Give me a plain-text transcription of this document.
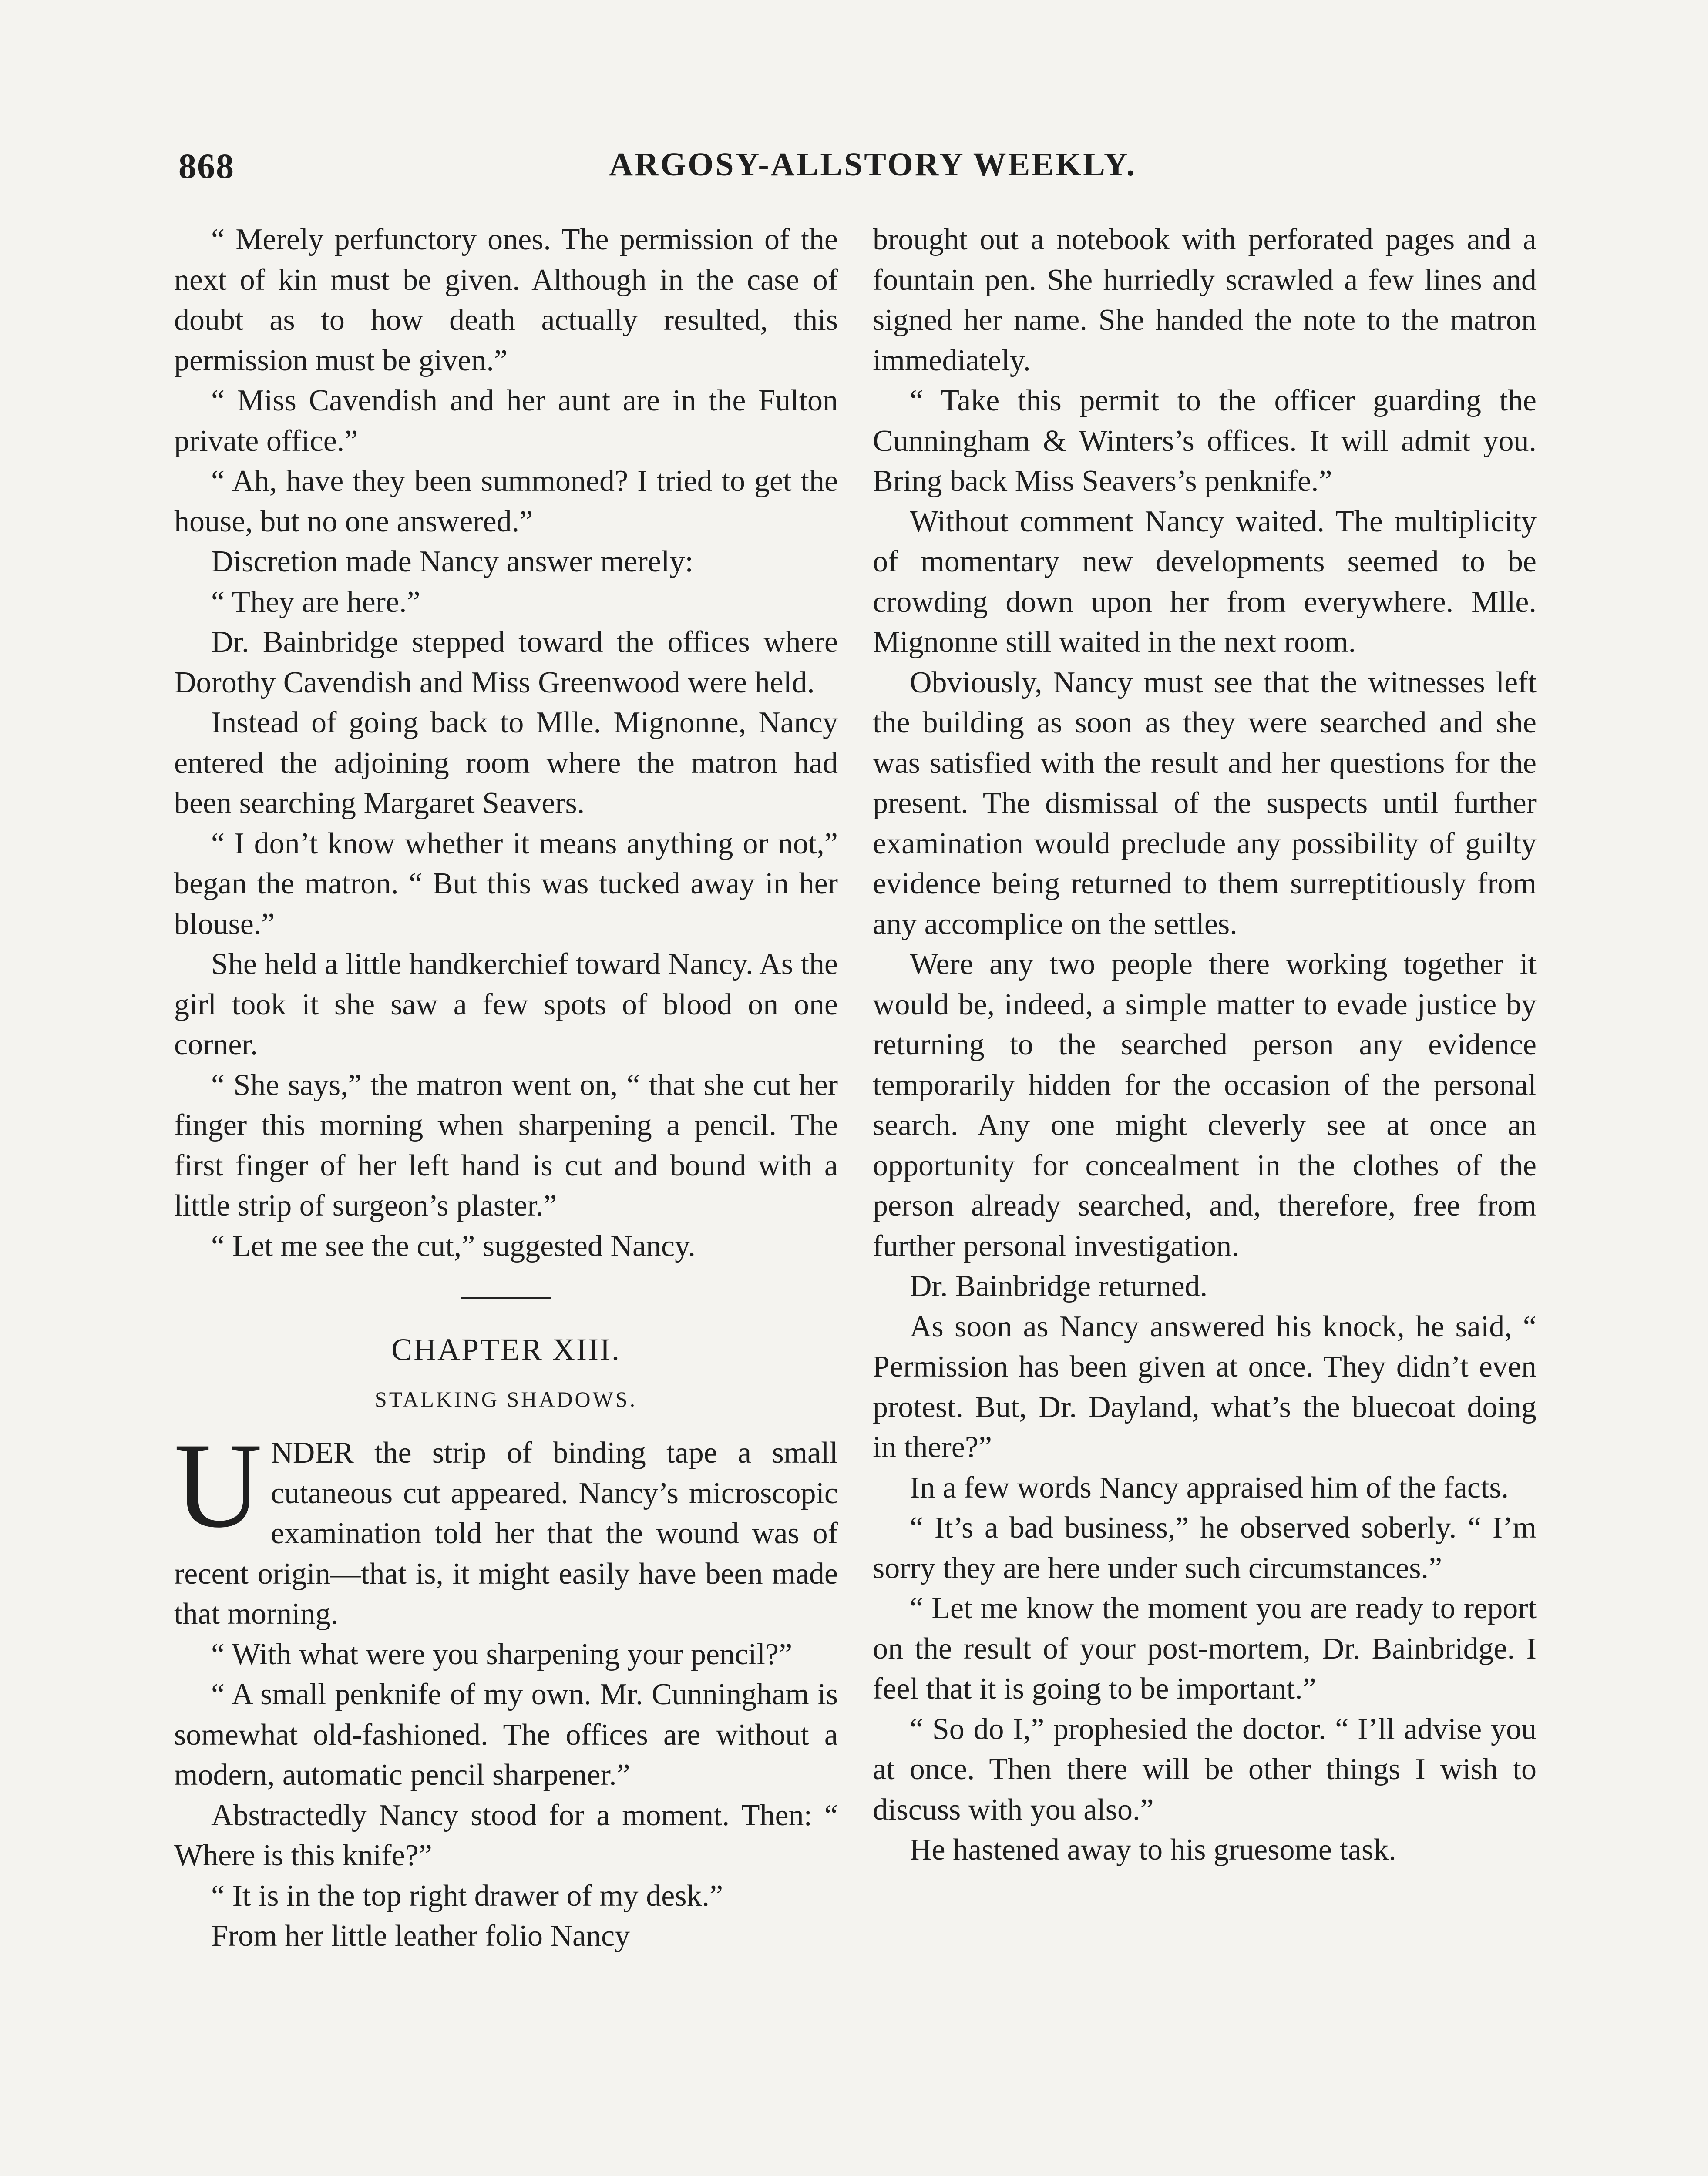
868	ARGOSY-ALLSTORY WEEKLY.

“ Merely perfunctory ones. The permission of the next of kin must be given. Although in the case of doubt as to how death actually resulted, this permission must be given.”

“ Miss Cavendish and her aunt are in the Fulton private office.”

“ Ah, have they been summoned? I tried to get the house, but no one answered.”

Discretion made Nancy answer merely:

“ They are here.”

Dr. Bainbridge stepped toward the offices where Dorothy Cavendish and Miss Greenwood were held.

Instead of going back to Mlle. Mignonne, Nancy entered the adjoining room where the matron had been searching Margaret Seavers.

“ I don’t know whether it means anything or not,” began the matron. “ But this was tucked away in her blouse.”

She held a little handkerchief toward Nancy. As the girl took it she saw a few spots of blood on one corner.

“ She says,” the matron went on, “ that she cut her finger this morning when sharpening a pencil. The first finger of her left hand is cut and bound with a little strip of surgeon’s plaster.”

“ Let me see the cut,” suggested Nancy.

CHAPTER XIII.
STALKING SHADOWS.

UNDER the strip of binding tape a small cutaneous cut appeared. Nancy’s microscopic examination told her that the wound was of recent origin—that is, it might easily have been made that morning.

“ With what were you sharpening your pencil?”

“ A small penknife of my own. Mr. Cunningham is somewhat old-fashioned. The offices are without a modern, automatic pencil sharpener.”

Abstractedly Nancy stood for a moment. Then: “ Where is this knife?”

“ It is in the top right drawer of my desk.”

From her little leather folio Nancy

brought out a notebook with perforated pages and a fountain pen. She hurriedly scrawled a few lines and signed her name. She handed the note to the matron immediately.

“ Take this permit to the officer guarding the Cunningham & Winters’s offices. It will admit you. Bring back Miss Seavers’s penknife.”

Without comment Nancy waited. The multiplicity of momentary new developments seemed to be crowding down upon her from everywhere. Mlle. Mignonne still waited in the next room.

Obviously, Nancy must see that the witnesses left the building as soon as they were searched and she was satisfied with the result and her questions for the present. The dismissal of the suspects until further examination would preclude any possibility of guilty evidence being returned to them surreptitiously from any accomplice on the settles.

Were any two people there working together it would be, indeed, a simple matter to evade justice by returning to the searched person any evidence temporarily hidden for the occasion of the personal search. Any one might cleverly see at once an opportunity for concealment in the clothes of the person already searched, and, therefore, free from further personal investigation.

Dr. Bainbridge returned.

As soon as Nancy answered his knock, he said, “ Permission has been given at once. They didn’t even protest. But, Dr. Dayland, what’s the bluecoat doing in there?”

In a few words Nancy appraised him of the facts.

“ It’s a bad business,” he observed soberly. “ I’m sorry they are here under such circumstances.”

“ Let me know the moment you are ready to report on the result of your post-mortem, Dr. Bainbridge. I feel that it is going to be important.”

“ So do I,” prophesied the doctor. “ I’ll advise you at once. Then there will be other things I wish to discuss with you also.”

He hastened away to his gruesome task.
